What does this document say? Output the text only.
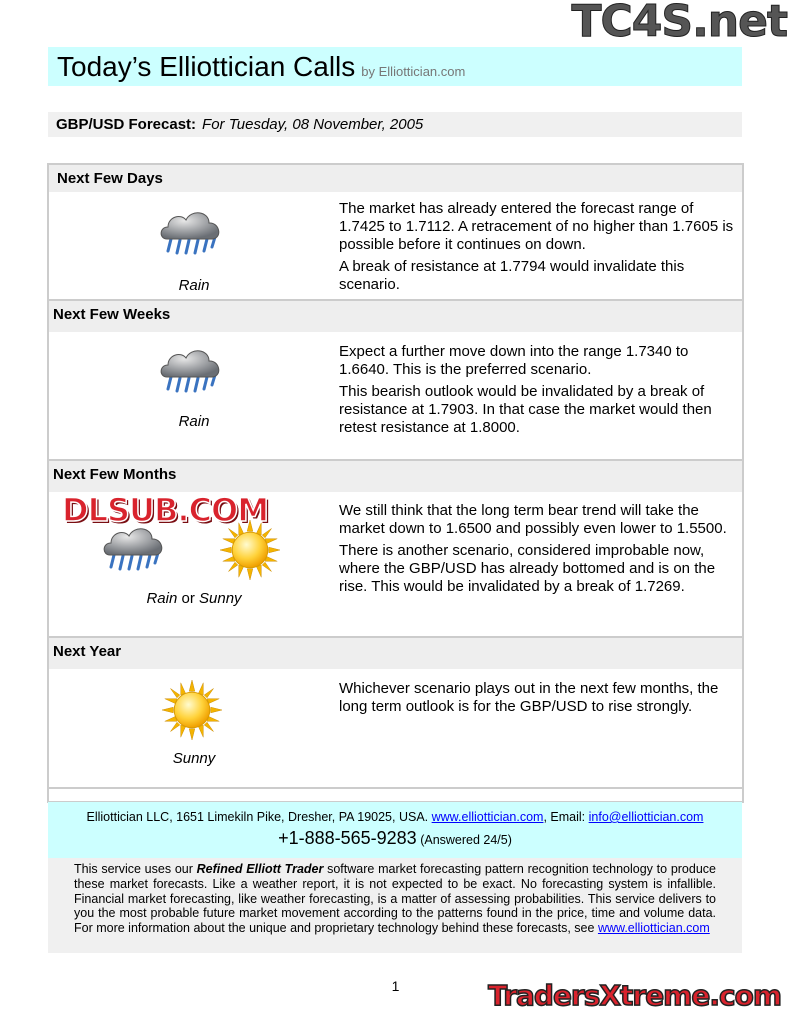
TC4S.net
Today’s Elliottician Calls by Elliottician.com
GBP/USD Forecast: For Tuesday, 08 November, 2005
Next Few Days
Rain

The market has already entered the forecast range of 1.7425 to 1.7112. A retracement of no higher than 1.7605 is possible before it continues on down.

A break of resistance at 1.7794 would invalidate this scenario.

Next Few Weeks
Rain

Expect a further move down into the range 1.7340 to 1.6640. This is the preferred scenario.

This bearish outlook would be invalidated by a break of resistance at 1.7903. In that case the market would then retest resistance at 1.8000.

Next Few Months
Rain or Sunny

We still think that the long term bear trend will take the market down to 1.6500 and possibly even lower to 1.5500.

There is another scenario, considered improbable now, where the GBP/USD has already bottomed and is on the rise. This would be invalidated by a break of 1.7269.

Next Year
Sunny

Whichever scenario plays out in the next few months, the long term outlook is for the GBP/USD to rise strongly.

DLSUB.COM
Elliottician LLC, 1651 Limekiln Pike, Dresher, PA 19025, USA. www.elliottician.com, Email: info@elliottician.com
+1-888-565-9283 (Answered 24/5)
This service uses our Refined Elliott Trader software market forecasting pattern recognition technology to produce these market forecasts. Like a weather report, it is not expected to be exact. No forecasting system is infallible. Financial market forecasting, like weather forecasting, is a matter of assessing probabilities. This service delivers to you the most probable future market movement according to the patterns found in the price, time and volume data. For more information about the unique and proprietary technology behind these forecasts, see www.elliottician.com
1	TradersXtreme.com
